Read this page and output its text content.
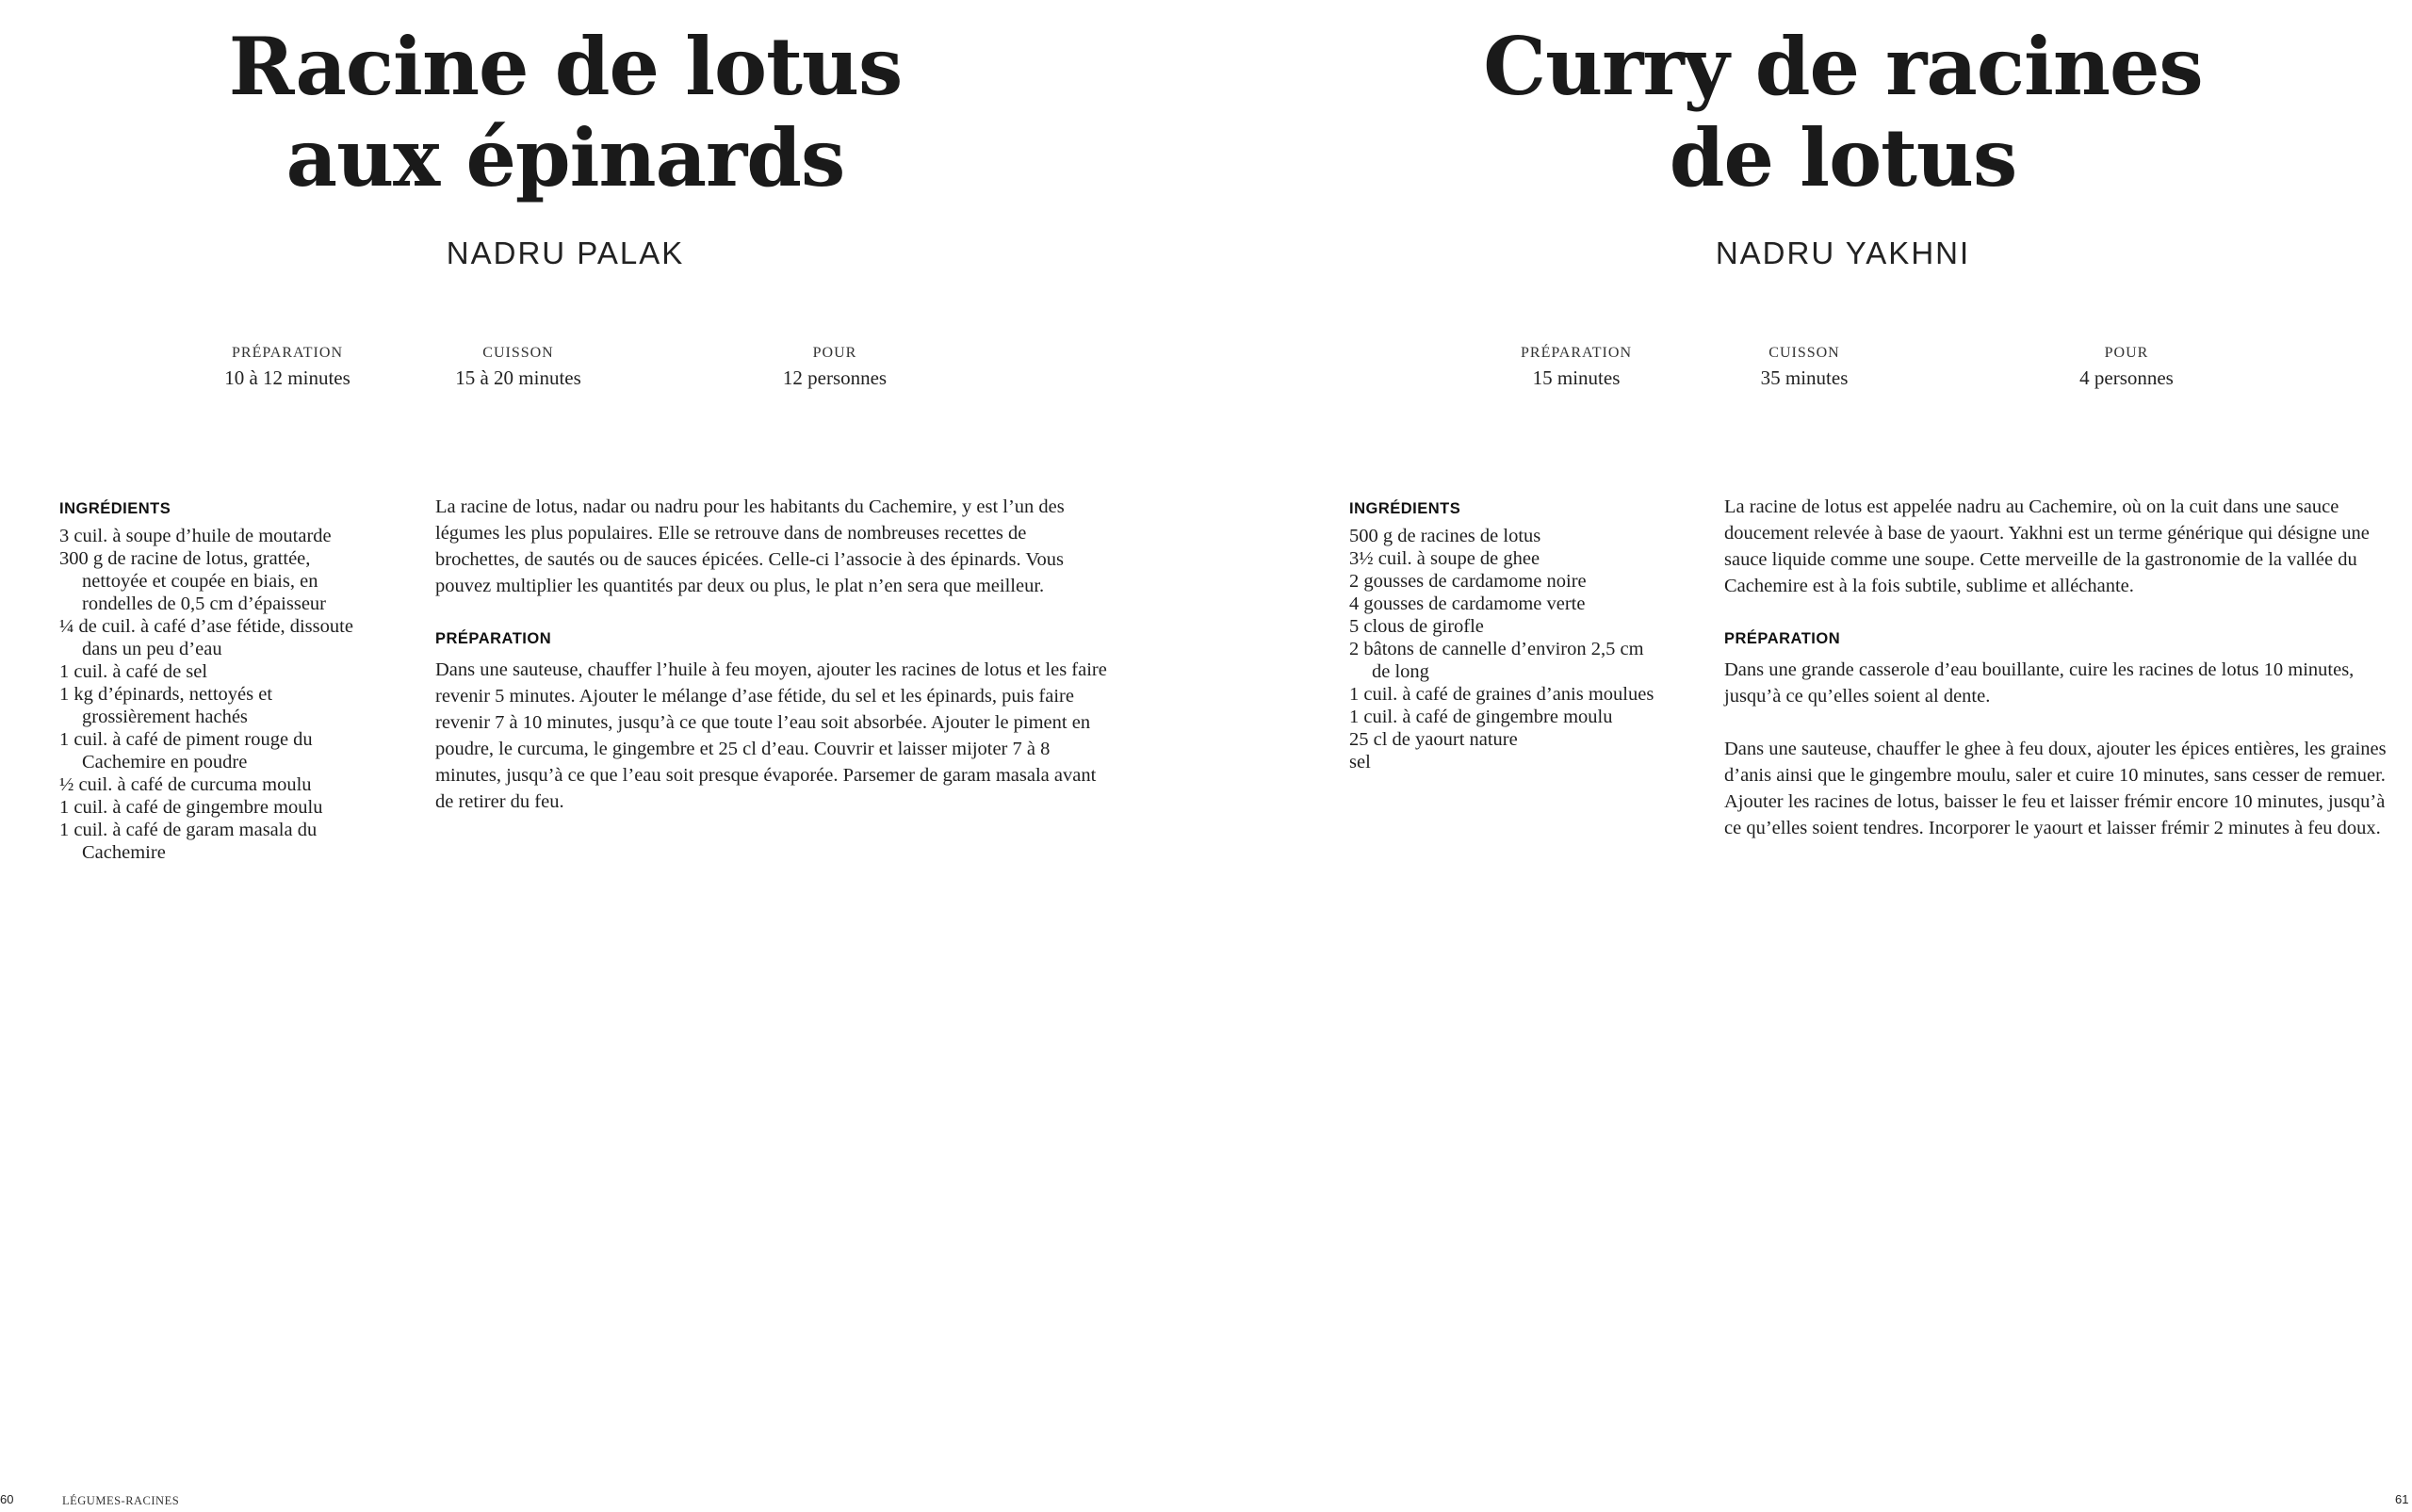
Racine de lotus
aux épinards
NADRU PALAK
PRÉPARATION
10 à 12 minutes
CUISSON
15 à 20 minutes
POUR
12 personnes
INGRÉDIENTS
3 cuil. à soupe d’huile de moutarde
300 g de racine de lotus, grattée, nettoyée et coupée en biais, en rondelles de 0,5 cm d’épaisseur
¼ de cuil. à café d’ase fétide, dissoute dans un peu d’eau
1 cuil. à café de sel
1 kg d’épinards, nettoyés et grossièrement hachés
1 cuil. à café de piment rouge du Cachemire en poudre
½ cuil. à café de curcuma moulu
1 cuil. à café de gingembre moulu
1 cuil. à café de garam masala du Cachemire

La racine de lotus, nadar ou nadru pour les habitants du Cachemire, y est l’un des légumes les plus populaires. Elle se retrouve dans de nombreuses recettes de brochettes, de sautés ou de sauces épicées. Celle-ci l’associe à des épinards. Vous pouvez multiplier les quantités par deux ou plus, le plat n’en sera que meilleur.

PRÉPARATION

Dans une sauteuse, chauffer l’huile à feu moyen, ajouter les racines de lotus et les faire revenir 5 minutes. Ajouter le mélange d’ase fétide, du sel et les épinards, puis faire revenir 7 à 10 minutes, jusqu’à ce que toute l’eau soit absorbée. Ajouter le piment en poudre, le curcuma, le gingembre et 25 cl d’eau. Couvrir et laisser mijoter 7 à 8 minutes, jusqu’à ce que l’eau soit presque évaporée. Parsemer de garam masala avant de retirer du feu.

60	LÉGUMES-RACINES
Curry de racines
de lotus
NADRU YAKHNI
PRÉPARATION
15 minutes
CUISSON
35 minutes
POUR
4 personnes
INGRÉDIENTS
500 g de racines de lotus
3½ cuil. à soupe de ghee
2 gousses de cardamome noire
4 gousses de cardamome verte
5 clous de girofle
2 bâtons de cannelle d’environ 2,5 cm de long
1 cuil. à café de graines d’anis moulues
1 cuil. à café de gingembre moulu
25 cl de yaourt nature
sel

La racine de lotus est appelée nadru au Cachemire, où on la cuit dans une sauce doucement relevée à base de yaourt. Yakhni est un terme générique qui désigne une sauce liquide comme une soupe. Cette merveille de la gastronomie de la vallée du Cachemire est à la fois subtile, sublime et alléchante.

PRÉPARATION

Dans une grande casserole d’eau bouillante, cuire les racines de lotus 10 minutes, jusqu’à ce qu’elles soient al dente.

Dans une sauteuse, chauffer le ghee à feu doux, ajouter les épices entières, les graines d’anis ainsi que le gingembre moulu, saler et cuire 10 minutes, sans cesser de remuer. Ajouter les racines de lotus, baisser le feu et laisser frémir encore 10 minutes, jusqu’à ce qu’elles soient tendres. Incorporer le yaourt et laisser frémir 2 minutes à feu doux.

61
